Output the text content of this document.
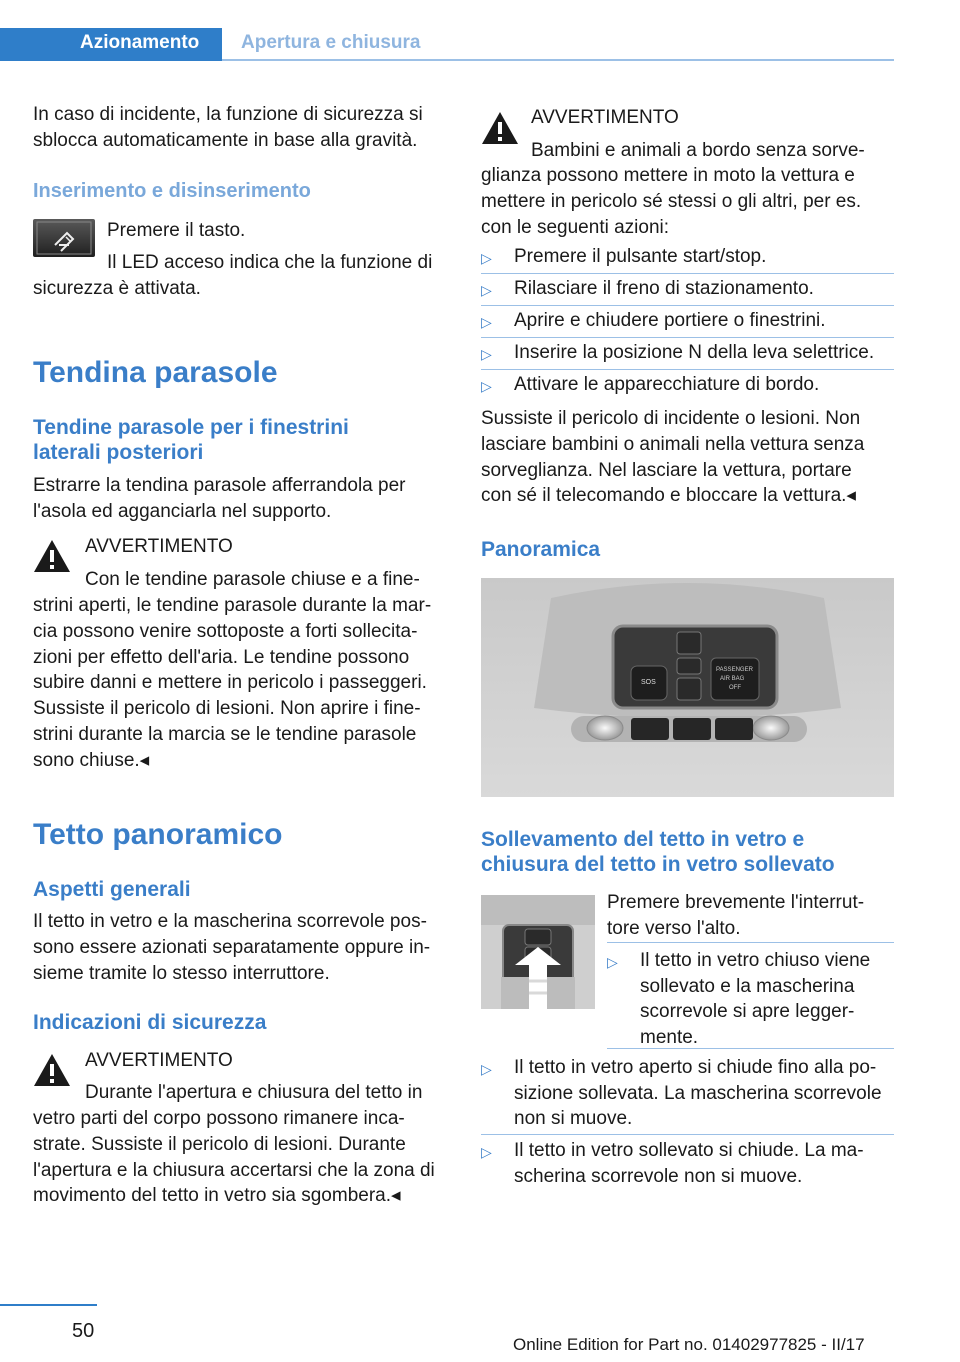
Azionamento Apertura e chiusura

In caso di incidente, la funzione di sicurezza si sblocca automaticamente in base alla gravità.

Inserimento e disinserimento
Premere il tasto.
Il LED acceso indica che la funzione di
sicurezza è attivata.
Tendina parasole
Tendine parasole per i finestrini
laterali posteriori
Estrarre la tendina parasole afferrandola per
l'asola ed agganciarla nel supporto.
AVVERTIMENTO
Con le tendine parasole chiuse e a fine-
strini aperti, le tendine parasole durante la mar-
cia possono venire sottoposte a forti sollecita-
zioni per effetto dell'aria. Le tendine possono
subire danni e mettere in pericolo i passeggeri.
Sussiste il pericolo di lesioni. Non aprire i fine-
strini durante la marcia se le tendine parasole
sono chiuse.◂
Tetto panoramico
Aspetti generali
Il tetto in vetro e la mascherina scorrevole pos-
sono essere azionati separatamente oppure in-
sieme tramite lo stesso interruttore.
Indicazioni di sicurezza
AVVERTIMENTO
Durante l'apertura e chiusura del tetto in
vetro parti del corpo possono rimanere inca-
strate. Sussiste il pericolo di lesioni. Durante
l'apertura e la chiusura accertarsi che la zona di
movimento del tetto in vetro sia sgombera.◂
AVVERTIMENTO
Bambini e animali a bordo senza sorve-
glianza possono mettere in moto la vettura e
mettere in pericolo sé stessi o gli altri, per es.
con le seguenti azioni:
▷ Premere il pulsante start/stop.
▷ Rilasciare il freno di stazionamento.
▷ Aprire e chiudere portiere o finestrini.
▷ Inserire la posizione N della leva selettrice.
▷ Attivare le apparecchiature di bordo.
Sussiste il pericolo di incidente o lesioni. Non
lasciare bambini o animali nella vettura senza
sorveglianza. Nel lasciare la vettura, portare
con sé il telecomando e bloccare la vettura.◂
Panoramica
SOS
PASSENGER
AIR BAG
OFF
Sollevamento del tetto in vetro e
chiusura del tetto in vetro sollevato
Premere brevemente l'interrut-
tore verso l'alto.
▷ Il tetto in vetro chiuso viene
sollevato e la mascherina
scorrevole si apre legger-
mente.
▷ Il tetto in vetro aperto si chiude fino alla po-
sizione sollevata. La mascherina scorrevole
non si muove.
▷ Il tetto in vetro sollevato si chiude. La ma-
scherina scorrevole non si muove.
50
Online Edition for Part no. 01402977825 - II/17
